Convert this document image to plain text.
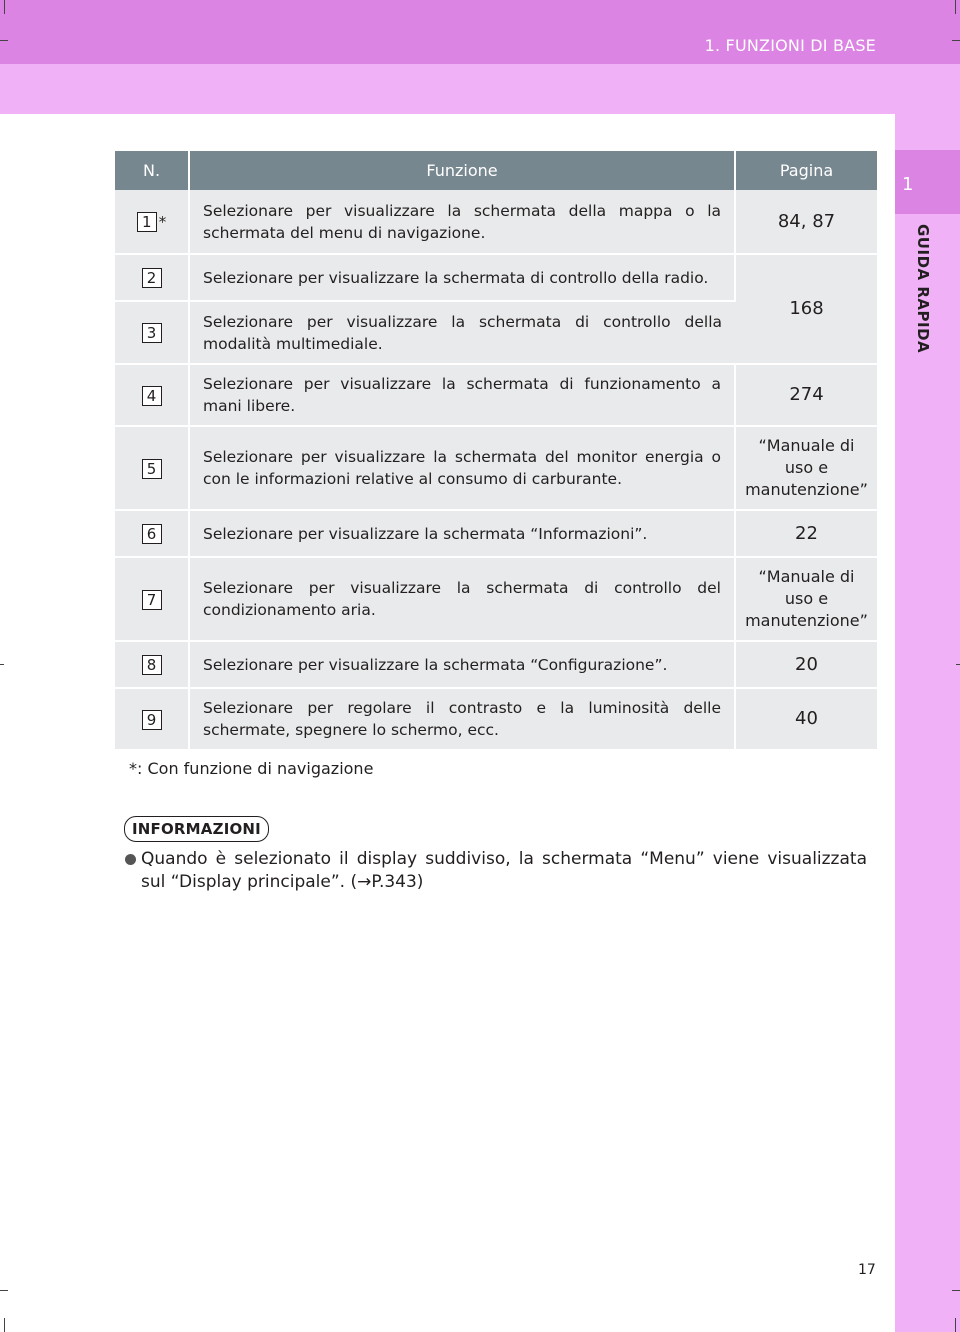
1. FUNZIONI DI BASE
1
GUIDA RAPIDA
N.	Funzione	Pagina
1 *	Selezionare per visualizzare la schermata della mappa o la schermata del menu di navigazione.	84, 87
2	Selezionare per visualizzare la schermata di controllo della radio.	168
3	Selezionare per visualizzare la schermata di controllo della modalità multimediale.	
4	Selezionare per visualizzare la schermata di funzionamento a mani libere.	274
5	Selezionare per visualizzare la schermata del monitor energia o con le informazioni relative al consumo di carburante.	“Manuale di uso e manutenzione”
6	Selezionare per visualizzare la schermata “Informazioni”.	22
7	Selezionare per visualizzare la schermata di controllo del condizionamento aria.	“Manuale di uso e manutenzione”
8	Selezionare per visualizzare la schermata “Configurazione”.	20
9	Selezionare per regolare il contrasto e la luminosità delle schermate, spegnere lo schermo, ecc.	40
*: Con funzione di navigazione
INFORMAZIONI
Quando è selezionato il display suddiviso, la schermata “Menu” viene visualizzata sul “Display principale”. (→P.343)
17
